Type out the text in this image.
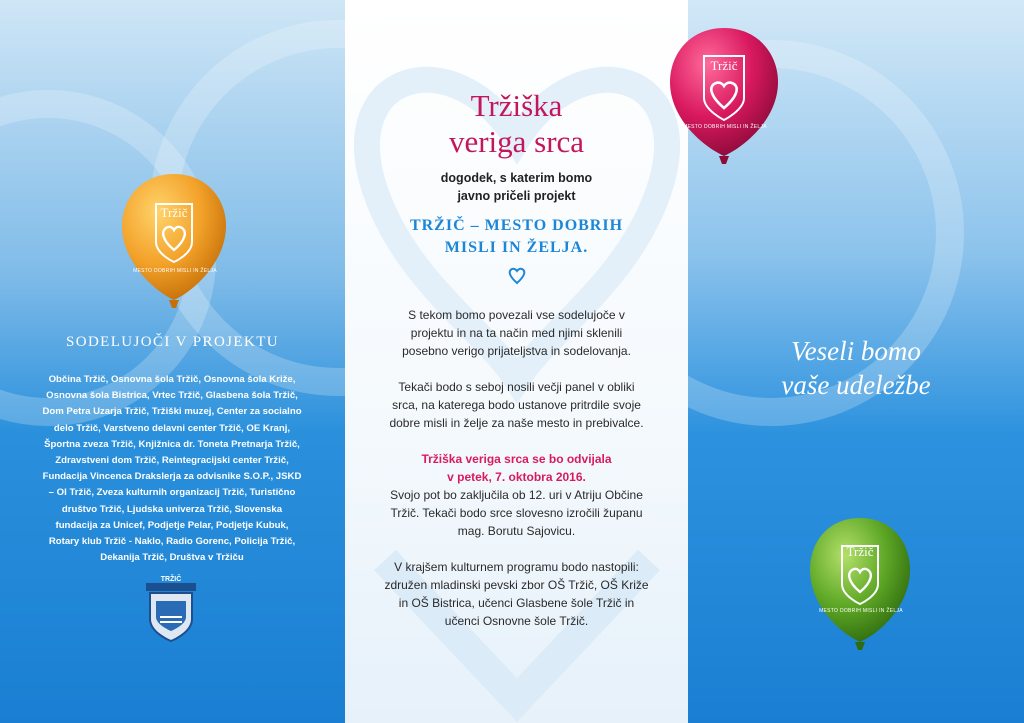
Tržič
MESTO DOBRIH MISLI IN ŽELJA
Tržič
MESTO DOBRIH MISLI IN ŽELJA
Tržič
MESTO DOBRIH MISLI IN ŽELJA
SODELUJOČI V PROJEKTU
Občina Tržič, Osnovna šola Tržič, Osnovna šola Križe,
Osnovna šola Bistrica, Vrtec Tržič, Glasbena šola Tržič,
Dom Petra Uzarja Tržič, Tržiški muzej, Center za socialno
delo Tržič, Varstveno delavni center Tržič, OE Kranj,
Športna zveza Tržič, Knjižnica dr. Toneta Pretnarja Tržič,
Zdravstveni dom Tržič, Reintegracijski center Tržič,
Fundacija Vincenca Drakslerja za odvisnike S.O.P., JSKD
– OI Tržič, Zveza kulturnih organizacij Tržič, Turistično
društvo Tržič, Ljudska univerza Tržič, Slovenska
fundacija za Unicef, Podjetje Pelar, Podjetje Kubuk,
Rotary klub Tržič - Naklo, Radio Gorenc, Policija Tržič,
Dekanija Tržič, Društva v Tržiču
TRŽIČ
Tržiška
veriga srca
dogodek, s katerim bomo
javno pričeli projekt
TRŽIČ – MESTO DOBRIH
MISLI IN ŽELJA.

S tekom bomo povezali vse sodelujoče v
projektu in na ta način med njimi sklenili
posebno verigo prijateljstva in sodelovanja.

Tekači bodo s seboj nosili večji panel v obliki
srca, na katerega bodo ustanove pritrdile svoje
dobre misli in želje za naše mesto in prebivalce.

Tržiška veriga srca se bo odvijala
v petek, 7. oktobra 2016.
Svojo pot bo zaključila ob 12. uri v Atriju Občine
Tržič. Tekači bodo srce slovesno izročili županu
mag. Borutu Sajovicu.

V krajšem kulturnem programu bodo nastopili:
združen mladinski pevski zbor OŠ Tržič, OŠ Križe
in OŠ Bistrica, učenci Glasbene šole Tržič in
učenci Osnovne šole Tržič.

Veseli bomo
vaše udeležbe
